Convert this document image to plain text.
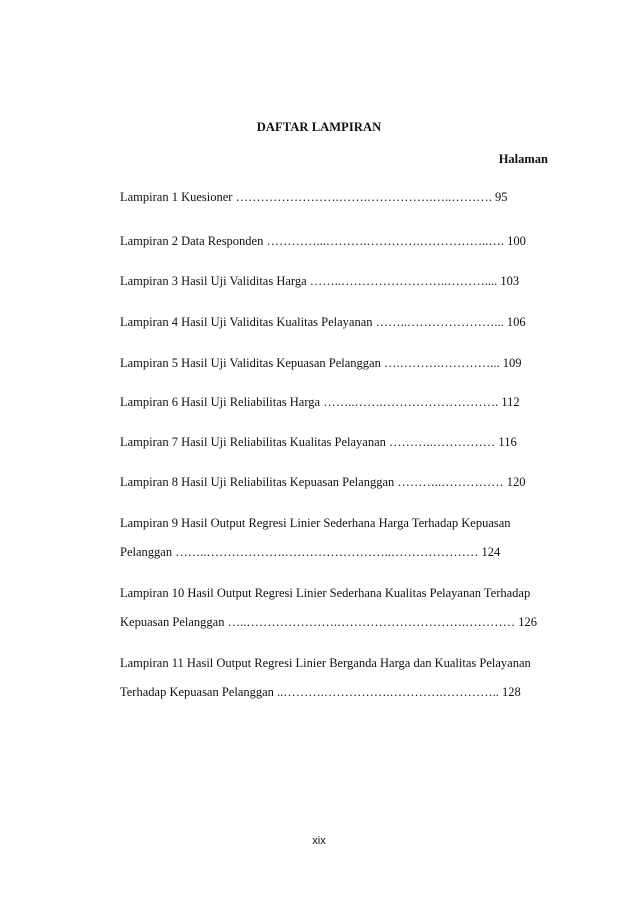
DAFTAR LAMPIRAN
Halaman
Lampiran 1 Kuesioner …………………….…….…………….…..………. 95
Lampiran 2 Data Responden …………...……….………….……………..…. 100
Lampiran 3 Hasil Uji Validitas Harga ……..……………………..……….... 103
Lampiran 4 Hasil Uji Validitas Kualitas Pelayanan ……..…………………... 106
Lampiran 5 Hasil Uji Validitas Kepuasan Pelanggan ….……….…………... 109
Lampiran 6 Hasil Uji Reliabilitas Harga ……..…….………………………. 112
Lampiran 7 Hasil Uji Reliabilitas Kualitas Pelayanan ………..…………… 116
Lampiran 8 Hasil Uji Reliabilitas Kepuasan Pelanggan ………..…………… 120
Lampiran 9 Hasil Output Regresi Linier Sederhana Harga Terhadap Kepuasan
Pelanggan ……..……………….……………………..………………… 124
Lampiran 10 Hasil Output Regresi Linier Sederhana Kualitas Pelayanan Terhadap
Kepuasan Pelanggan …..………………….………………………….………… 126
Lampiran 11 Hasil Output Regresi Linier Berganda Harga dan Kualitas Pelayanan
Terhadap Kepuasan Pelanggan ..……….…………….………….………….. 128
xix
